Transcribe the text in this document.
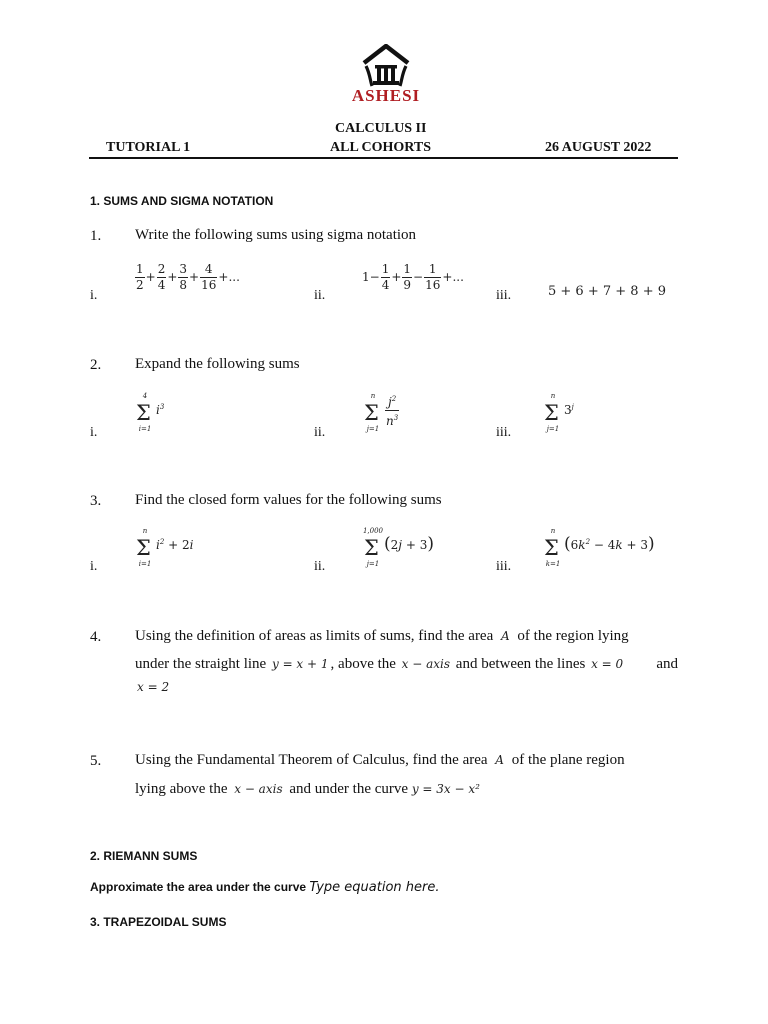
ASHESI
CALCULUS II
TUTORIAL 1	ALL COHORTS	26 AUGUST 2022
1. SUMS AND SIGMA NOTATION
1. Write the following sums using sigma notation
i.
$\frac{1}{2} + \frac{2}{4} + \frac{3}{8} + \frac{4}{16}$ +...
ii.
$1- \frac{1}{4} + \frac{1}{9} - \frac{1}{16}$ +...
iii.	5 + 6 + 7 + 8 + 9
2. Expand the following sums
i.
4
Σ
i=1
$i^3$
ii.
n
Σ
j=1
$\frac{j^2}{n^3}$
iii.
n
Σ
j=1
3$^j$
3. Find the closed form values for the following sums
i.
n
Σ
i=1
$i^2 + 2i$
ii.
1,000
Σ
j=1
(2j + 3)
iii.
n
Σ
k=1
$(6k^2 - 4k + 3)$
4. Using the definition of areas as limits of sums, find the area A of the region lying
under the straight line y = x + 1 , above the x − axis and between the lines x = 0 and
x = 2
5. Using the Fundamental Theorem of Calculus, find the area A of the plane region
lying above the x − axis and under the curve y = 3x − x²
2. RIEMANN SUMS
Approximate the area under the curve Type equation here.
3. TRAPEZOIDAL SUMS
